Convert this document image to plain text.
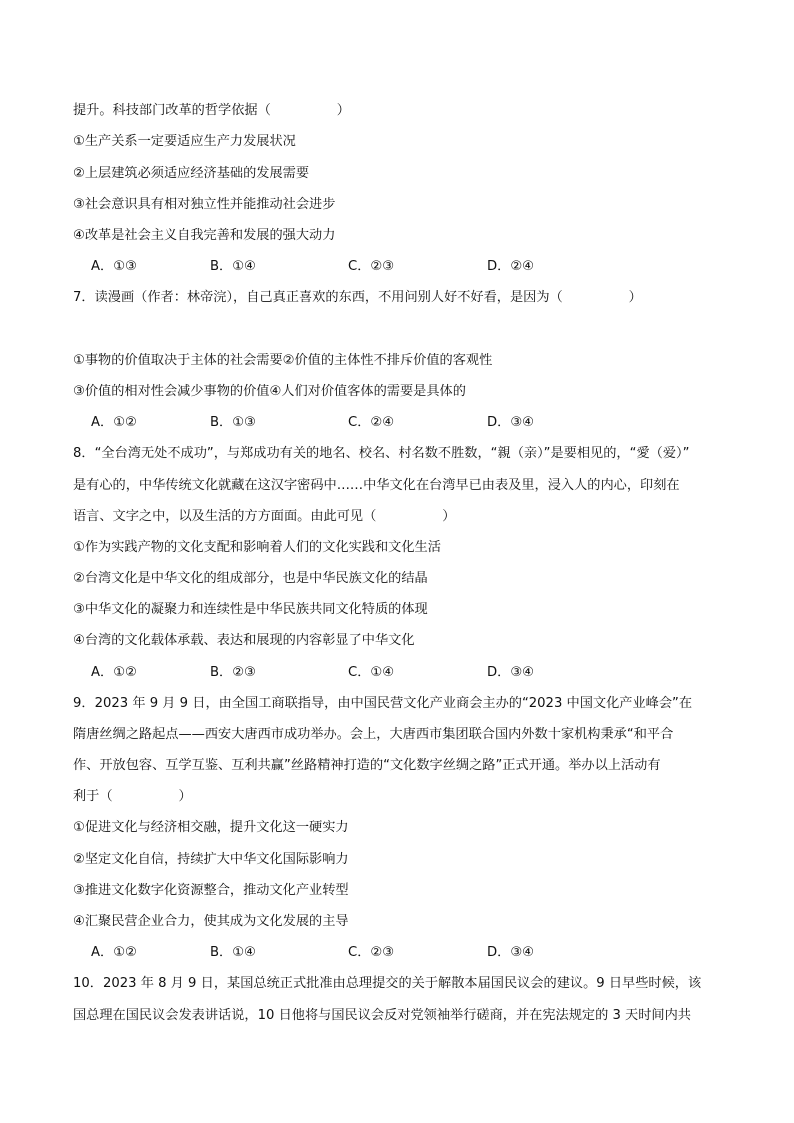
提升。科技部门改革的哲学依据（　　　　　）
①生产关系一定要适应生产力发展状况
②上层建筑必须适应经济基础的发展需要
③社会意识具有相对独立性并能推动社会进步
④改革是社会主义自我完善和发展的强大动力
A．①③	B．①④	C．②③	D．②④
7．读漫画（作者：林帝浣），自己真正喜欢的东西，不用问别人好不好看，是因为（　　　　　）
①事物的价值取决于主体的社会需要②价值的主体性不排斥价值的客观性
③价值的相对性会减少事物的价值④人们对价值客体的需要是具体的
A．①②	B．①③	C．②④	D．③④
8．“全台湾无处不成功”，与郑成功有关的地名、校名、村名数不胜数，“親（亲）”是要相见的，“愛（爱）”
是有心的，中华传统文化就藏在这汉字密码中……中华文化在台湾早已由表及里，浸入人的内心，印刻在
语言、文字之中，以及生活的方方面面。由此可见（　　　　　）
①作为实践产物的文化支配和影响着人们的文化实践和文化生活
②台湾文化是中华文化的组成部分，也是中华民族文化的结晶
③中华文化的凝聚力和连续性是中华民族共同文化特质的体现
④台湾的文化载体承载、表达和展现的内容彰显了中华文化
A．①②	B．②③	C．①④	D．③④
9．2023 年 9 月 9 日，由全国工商联指导，由中国民营文化产业商会主办的“2023 中国文化产业峰会”在
隋唐丝绸之路起点——西安大唐西市成功举办。会上，大唐西市集团联合国内外数十家机构秉承“和平合
作、开放包容、互学互鉴、互利共赢”丝路精神打造的“文化数字丝绸之路”正式开通。举办以上活动有
利于（　　　　　）
①促进文化与经济相交融，提升文化这一硬实力
②坚定文化自信，持续扩大中华文化国际影响力
③推进文化数字化资源整合，推动文化产业转型
④汇聚民营企业合力，使其成为文化发展的主导
A．①②	B．①④	C．②③	D．③④
10．2023 年 8 月 9 日，某国总统正式批准由总理提交的关于解散本届国民议会的建议。9 日早些时候，该
国总理在国民议会发表讲话说，10 日他将与国民议会反对党领袖举行磋商，并在宪法规定的 3 天时间内共
